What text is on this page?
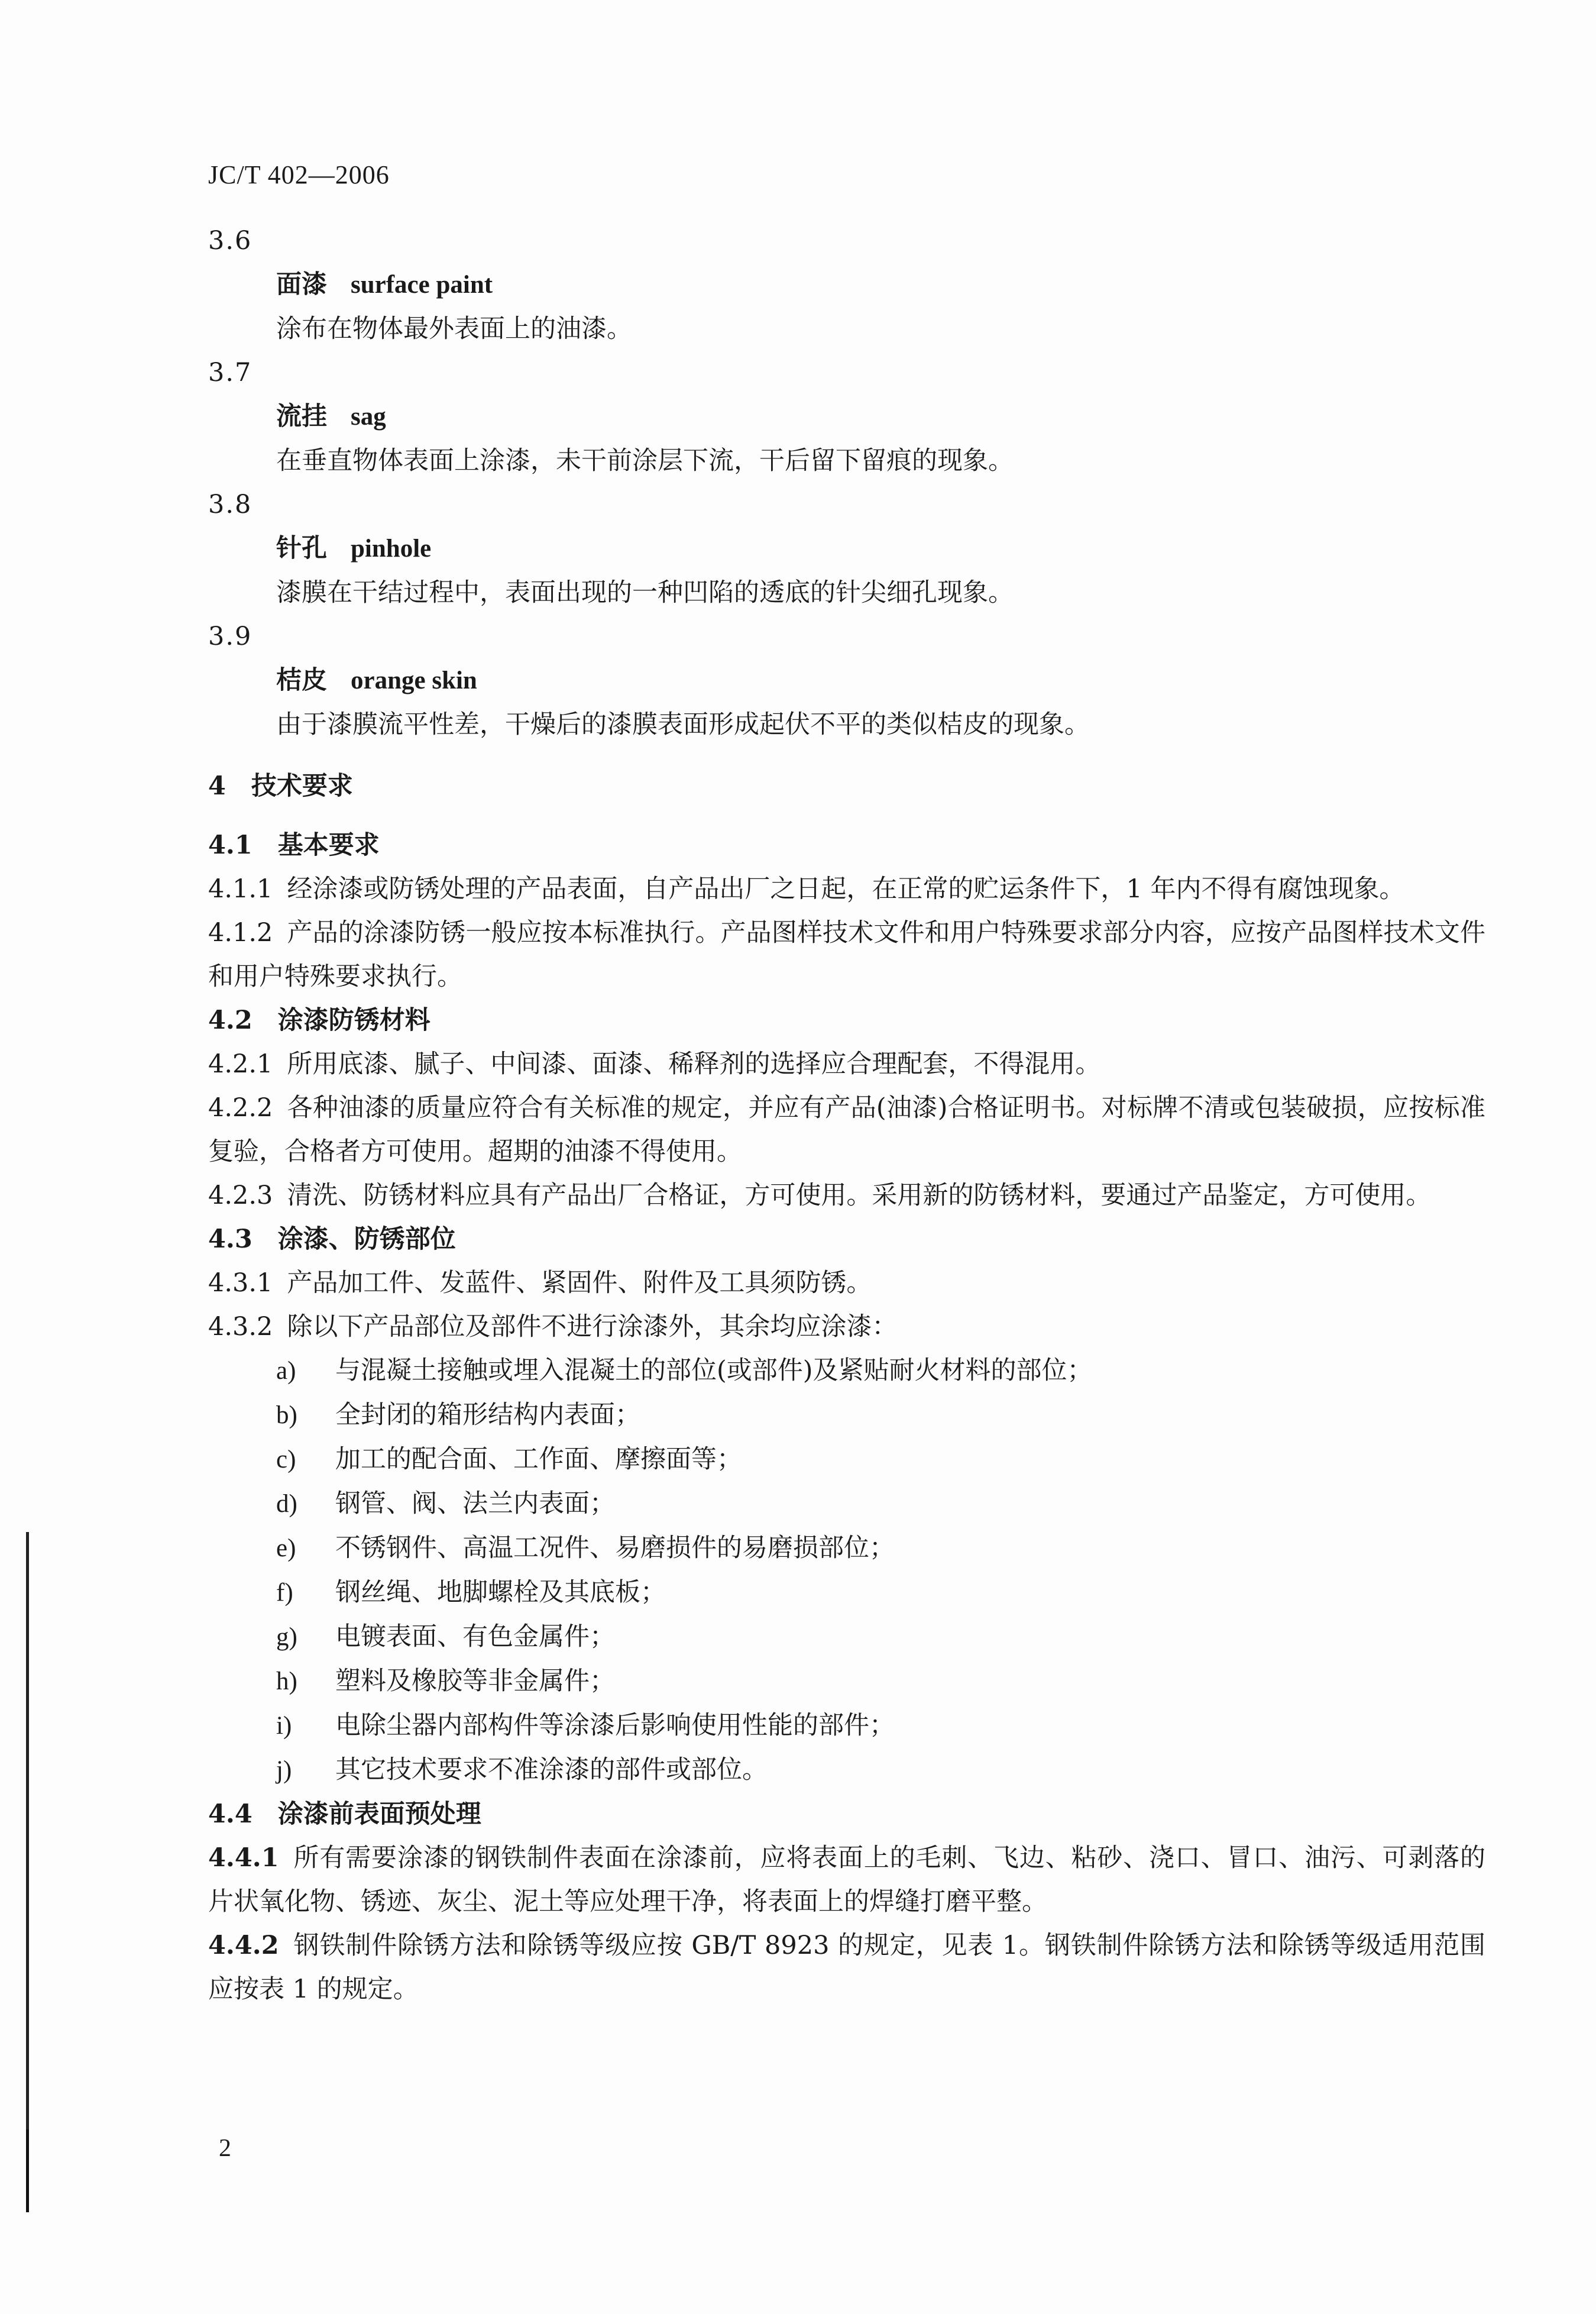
JC/T 402—2006
3.6
面漆 surface paint
涂布在物体最外表面上的油漆。
3.7
流挂 sag
在垂直物体表面上涂漆，未干前涂层下流，干后留下留痕的现象。
3.8
针孔 pinhole
漆膜在干结过程中，表面出现的一种凹陷的透底的针尖细孔现象。
3.9
桔皮 orange skin
由于漆膜流平性差，干燥后的漆膜表面形成起伏不平的类似桔皮的现象。
4　技术要求
4.1　基本要求
4.1.1 经涂漆或防锈处理的产品表面，自产品出厂之日起，在正常的贮运条件下，1 年内不得有腐蚀现象。
4.1.2 产品的涂漆防锈一般应按本标准执行。产品图样技术文件和用户特殊要求部分内容，应按产品图样技术文件和用户特殊要求执行。
4.2　涂漆防锈材料
4.2.1 所用底漆、腻子、中间漆、面漆、稀释剂的选择应合理配套，不得混用。
4.2.2 各种油漆的质量应符合有关标准的规定，并应有产品(油漆)合格证明书。对标牌不清或包装破损，应按标准复验，合格者方可使用。超期的油漆不得使用。
4.2.3 清洗、防锈材料应具有产品出厂合格证，方可使用。采用新的防锈材料，要通过产品鉴定，方可使用。
4.3　涂漆、防锈部位
4.3.1 产品加工件、发蓝件、紧固件、附件及工具须防锈。
4.3.2 除以下产品部位及部件不进行涂漆外，其余均应涂漆：
a) 与混凝土接触或埋入混凝土的部位(或部件)及紧贴耐火材料的部位；
b) 全封闭的箱形结构内表面；
c) 加工的配合面、工作面、摩擦面等；
d) 钢管、阀、法兰内表面；
e) 不锈钢件、高温工况件、易磨损件的易磨损部位；
f) 钢丝绳、地脚螺栓及其底板；
g) 电镀表面、有色金属件；
h) 塑料及橡胶等非金属件；
i) 电除尘器内部构件等涂漆后影响使用性能的部件；
j) 其它技术要求不准涂漆的部件或部位。
4.4　涂漆前表面预处理
4.4.1 所有需要涂漆的钢铁制件表面在涂漆前，应将表面上的毛刺、飞边、粘砂、浇口、冒口、油污、可剥落的片状氧化物、锈迹、灰尘、泥土等应处理干净，将表面上的焊缝打磨平整。
4.4.2 钢铁制件除锈方法和除锈等级应按 GB/T 8923 的规定，见表 1。钢铁制件除锈方法和除锈等级适用范围应按表 1 的规定。
2
